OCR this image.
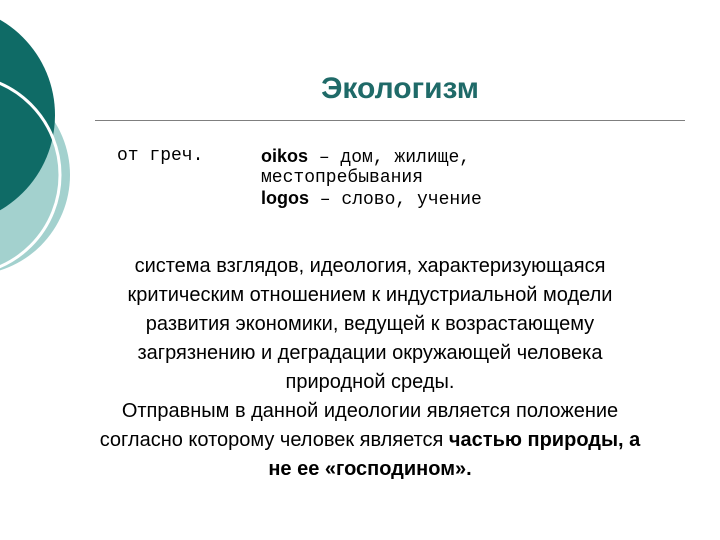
Экологизм
от греч.	oikos – дом, жилище,
местопребывания
logos – слово, учение
система взглядов, идеология, характеризующаяся
критическим отношением к индустриальной модели
развития экономики, ведущей к возрастающему
загрязнению и деградации окружающей человека
природной среды.
Отправным в данной идеологии является положение
согласно которому человек является частью природы, а
не ее «господином».
